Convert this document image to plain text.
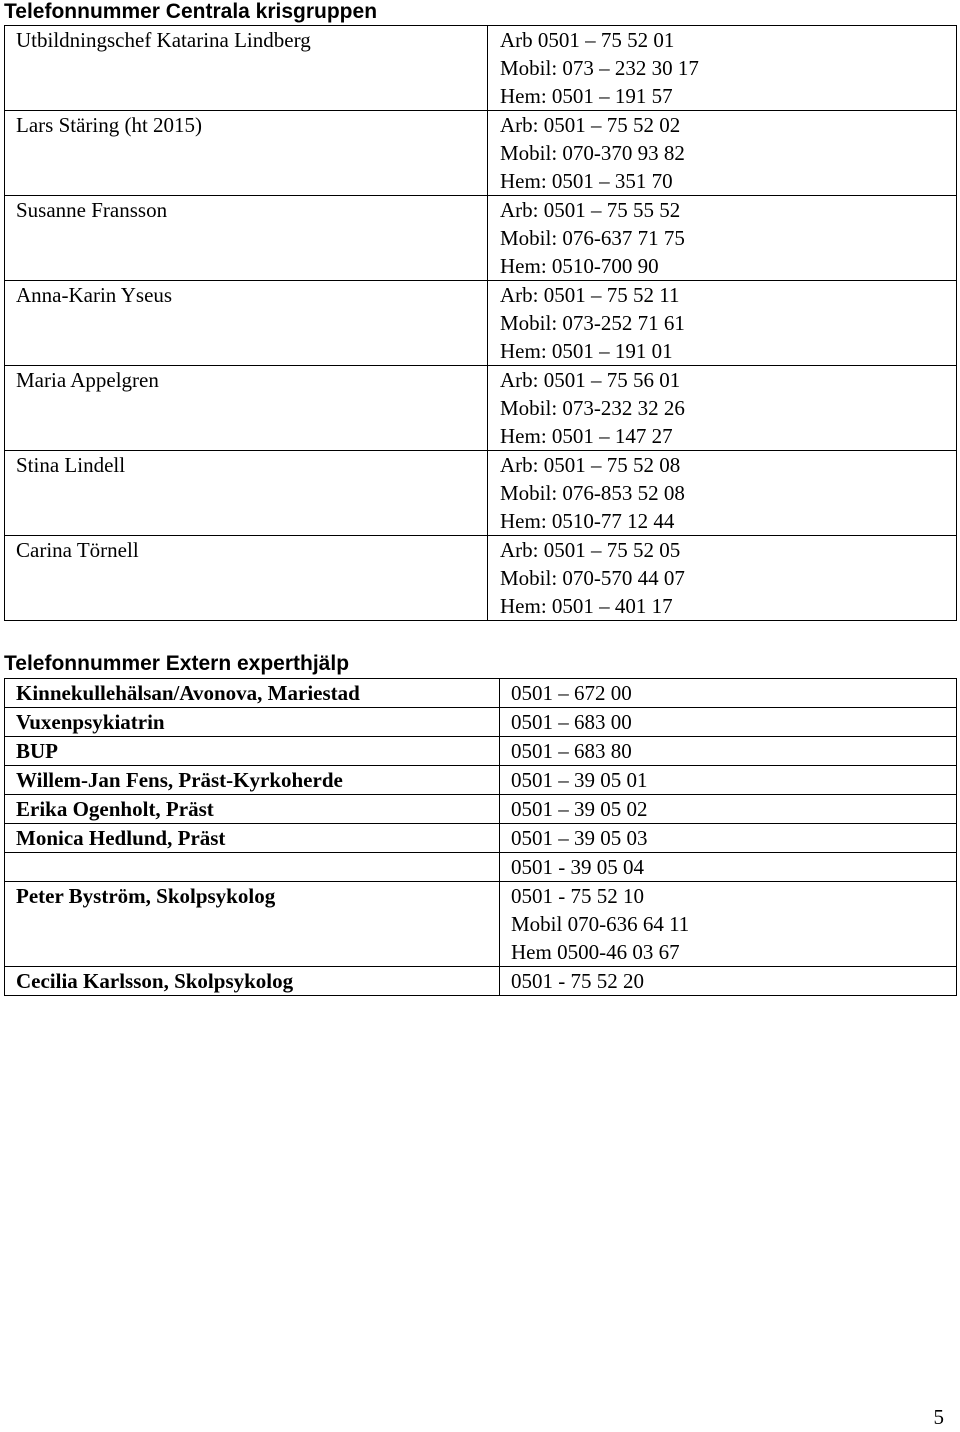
Telefonnummer Centrala krisgruppen
Utbildningschef Katarina Lindberg	Arb 0501 – 75 52 01
Mobil: 073 – 232 30 17
Hem: 0501 – 191 57

Lars Stäring (ht 2015)	Arb: 0501 – 75 52 02
Mobil: 070-370 93 82
Hem: 0501 – 351 70

Susanne Fransson	Arb: 0501 – 75 55 52
Mobil: 076-637 71 75
Hem: 0510-700 90

Anna-Karin Yseus	Arb: 0501 – 75 52 11
Mobil: 073-252 71 61
Hem: 0501 – 191 01

Maria Appelgren	Arb: 0501 – 75 56 01
Mobil: 073-232 32 26
Hem: 0501 – 147 27

Stina Lindell	Arb: 0501 – 75 52 08
Mobil: 076-853 52 08
Hem: 0510-77 12 44

Carina Törnell	Arb: 0501 – 75 52 05
Mobil: 070-570 44 07
Hem: 0501 – 401 17
Telefonnummer Extern experthjälp
Kinnekullehälsan/Avonova, Mariestad	0501 – 672 00
Vuxenpsykiatrin	0501 – 683 00
BUP	0501 – 683 80
Willem-Jan Fens, Präst-Kyrkoherde	0501 – 39 05 01
Erika Ogenholt, Präst	0501 – 39 05 02
Monica Hedlund, Präst	0501 – 39 05 03
	0501 - 39 05 04
Peter Byström, Skolpsykolog	0501 - 75 52 10
Mobil 070-636 64 11
Hem 0500-46 03 67

Cecilia Karlsson, Skolpsykolog	0501 - 75 52 20
5
